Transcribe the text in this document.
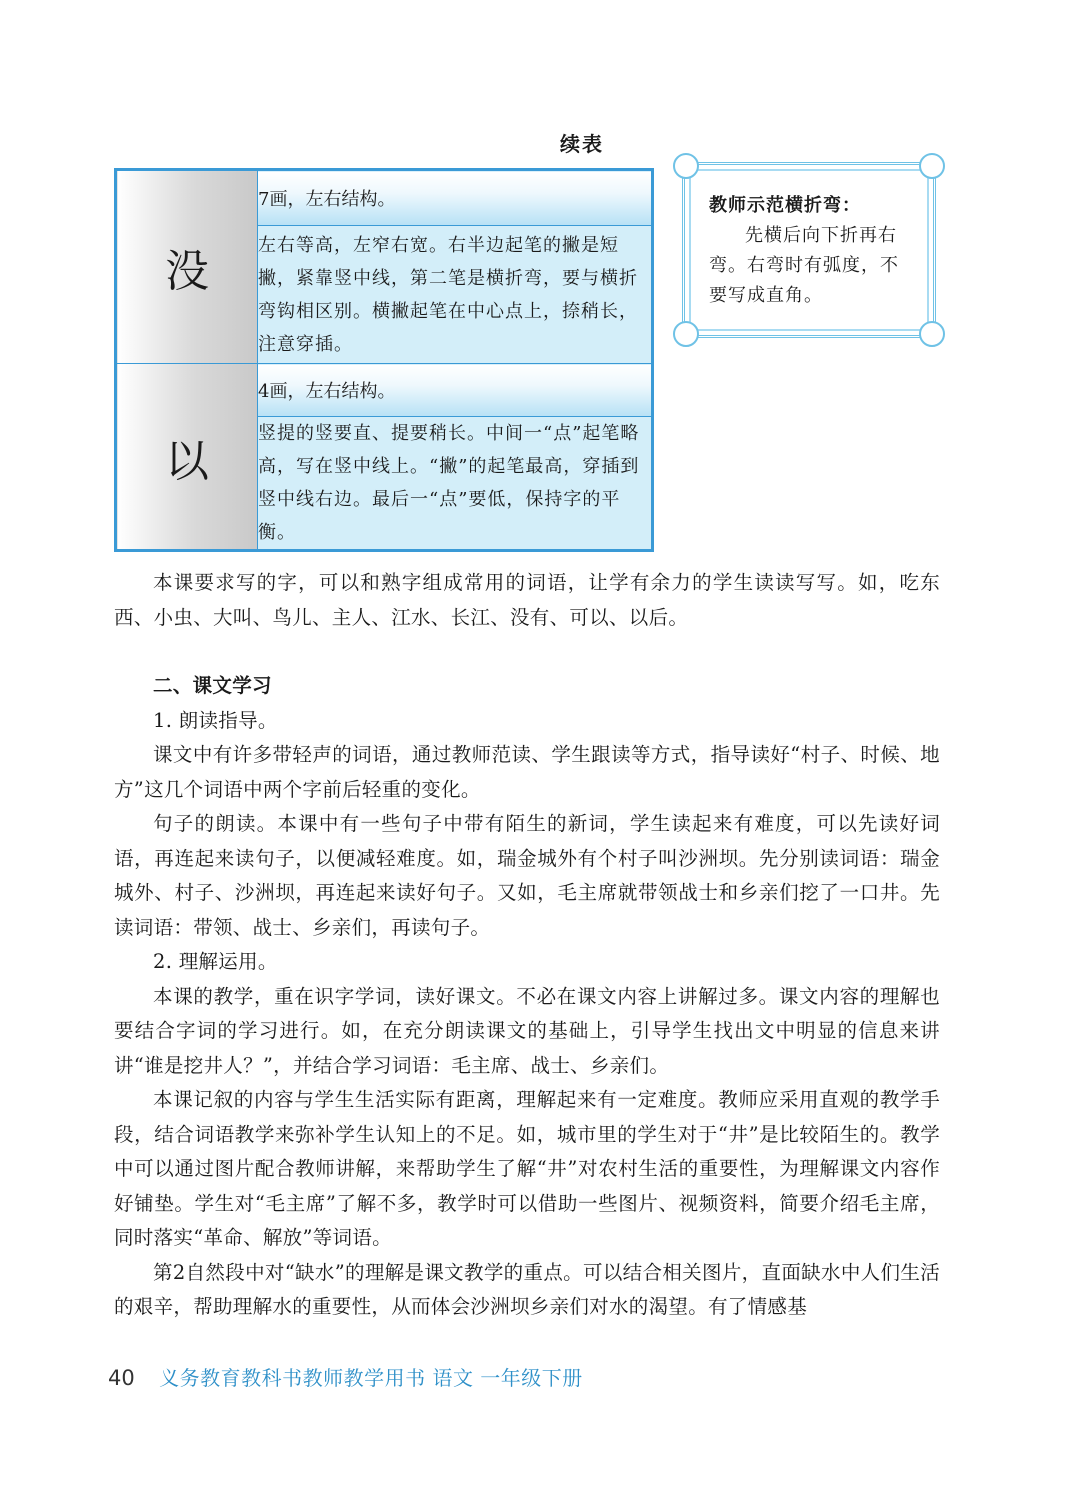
续表
没	7画，左右结构。
	左右等高，左窄右宽。右半边起笔的撇是短撇，紧靠竖中线，第二笔是横折弯，要与横折弯钩相区别。横撇起笔在中心点上，捺稍长，注意穿插。
以	4画，左右结构。
	竖提的竖要直、提要稍长。中间一“点”起笔略高，写在竖中线上。“撇”的起笔最高，穿插到竖中线右边。最后一“点”要低，保持字的平衡。
教师示范横折弯：
先横后向下折再右弯。右弯时有弧度，不要写成直角。

本课要求写的字，可以和熟字组成常用的词语，让学有余力的学生读读写写。如，吃东西、小虫、大叫、鸟儿、主人、江水、长江、没有、可以、以后。

二、课文学习

1. 朗读指导。

课文中有许多带轻声的词语，通过教师范读、学生跟读等方式，指导读好“村子、时候、地方”这几个词语中两个字前后轻重的变化。

句子的朗读。本课中有一些句子中带有陌生的新词，学生读起来有难度，可以先读好词语，再连起来读句子，以便减轻难度。如，瑞金城外有个村子叫沙洲坝。先分别读词语：瑞金城外、村子、沙洲坝，再连起来读好句子。又如，毛主席就带领战士和乡亲们挖了一口井。先读词语：带领、战士、乡亲们，再读句子。

2. 理解运用。

本课的教学，重在识字学词，读好课文。不必在课文内容上讲解过多。课文内容的理解也要结合字词的学习进行。如，在充分朗读课文的基础上，引导学生找出文中明显的信息来讲讲“谁是挖井人？”，并结合学习词语：毛主席、战士、乡亲们。

本课记叙的内容与学生生活实际有距离，理解起来有一定难度。教师应采用直观的教学手段，结合词语教学来弥补学生认知上的不足。如，城市里的学生对于“井”是比较陌生的。教学中可以通过图片配合教师讲解，来帮助学生了解“井”对农村生活的重要性，为理解课文内容作好铺垫。学生对“毛主席”了解不多，教学时可以借助一些图片、视频资料，简要介绍毛主席，同时落实“革命、解放”等词语。

第2自然段中对“缺水”的理解是课文教学的重点。可以结合相关图片，直面缺水中人们生活的艰辛，帮助理解水的重要性，从而体会沙洲坝乡亲们对水的渴望。有了情感基

40 义务教育教科书教师教学用书 语文 一年级下册
